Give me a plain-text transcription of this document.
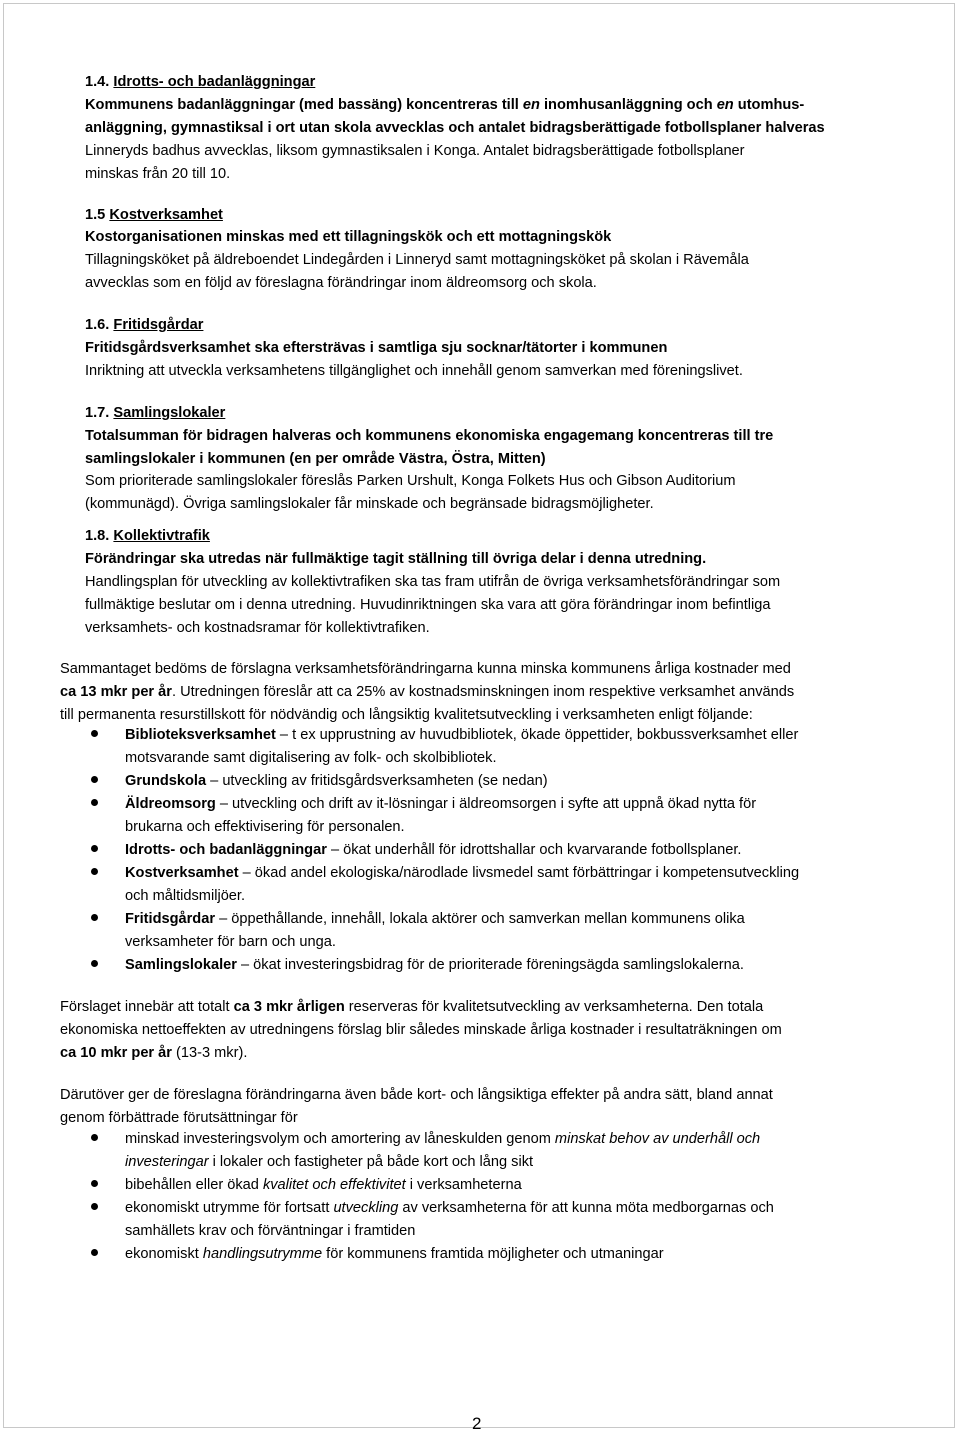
1.4. Idrotts- och badanläggningar
Kommunens badanläggningar (med bassäng) koncentreras till en inomhusanläggning och en utomhus-
anläggning, gymnastiksal i ort utan skola avvecklas och antalet bidragsberättigade fotbollsplaner halveras
Linneryds badhus avvecklas, liksom gymnastiksalen i Konga. Antalet bidragsberättigade fotbollsplaner
minskas från 20 till 10.
1.5 Kostverksamhet
Kostorganisationen minskas med ett tillagningskök och ett mottagningskök
Tillagningsköket på äldreboendet Lindegården i Linneryd samt mottagningsköket på skolan i Rävemåla
avvecklas som en följd av föreslagna förändringar inom äldreomsorg och skola.
1.6. Fritidsgårdar
Fritidsgårdsverksamhet ska eftersträvas i samtliga sju socknar/tätorter i kommunen
Inriktning att utveckla verksamhetens tillgänglighet och innehåll genom samverkan med föreningslivet.
1.7. Samlingslokaler
Totalsumman för bidragen halveras och kommunens ekonomiska engagemang koncentreras till tre
samlingslokaler i kommunen (en per område Västra, Östra, Mitten)
Som prioriterade samlingslokaler föreslås Parken Urshult, Konga Folkets Hus och Gibson Auditorium
(kommunägd). Övriga samlingslokaler får minskade och begränsade bidragsmöjligheter.
1.8. Kollektivtrafik
Förändringar ska utredas när fullmäktige tagit ställning till övriga delar i denna utredning.
Handlingsplan för utveckling av kollektivtrafiken ska tas fram utifrån de övriga verksamhetsförändringar som
fullmäktige beslutar om i denna utredning. Huvudinriktningen ska vara att göra förändringar inom befintliga
verksamhets- och kostnadsramar för kollektivtrafiken.
Sammantaget bedöms de förslagna verksamhetsförändringarna kunna minska kommunens årliga kostnader med
ca 13 mkr per år. Utredningen föreslår att ca 25% av kostnadsminskningen inom respektive verksamhet används
till permanenta resurstillskott för nödvändig och långsiktig kvalitetsutveckling i verksamheten enligt följande:
Biblioteksverksamhet – t ex upprustning av huvudbibliotek, ökade öppettider, bokbussverksamhet eller
motsvarande samt digitalisering av folk- och skolbibliotek.
Grundskola – utveckling av fritidsgårdsverksamheten (se nedan)
Äldreomsorg – utveckling och drift av it-lösningar i äldreomsorgen i syfte att uppnå ökad nytta för
brukarna och effektivisering för personalen.
Idrotts- och badanläggningar – ökat underhåll för idrottshallar och kvarvarande fotbollsplaner.
Kostverksamhet – ökad andel ekologiska/närodlade livsmedel samt förbättringar i kompetensutveckling
och måltidsmiljöer.
Fritidsgårdar – öppethållande, innehåll, lokala aktörer och samverkan mellan kommunens olika
verksamheter för barn och unga.
Samlingslokaler – ökat investeringsbidrag för de prioriterade föreningsägda samlingslokalerna.
Förslaget innebär att totalt ca 3 mkr årligen reserveras för kvalitetsutveckling av verksamheterna. Den totala
ekonomiska nettoeffekten av utredningens förslag blir således minskade årliga kostnader i resultaträkningen om
ca 10 mkr per år (13-3 mkr).
Därutöver ger de föreslagna förändringarna även både kort- och långsiktiga effekter på andra sätt, bland annat
genom förbättrade förutsättningar för
minskad investeringsvolym och amortering av låneskulden genom minskat behov av underhåll och
investeringar i lokaler och fastigheter på både kort och lång sikt
bibehållen eller ökad kvalitet och effektivitet i verksamheterna
ekonomiskt utrymme för fortsatt utveckling av verksamheterna för att kunna möta medborgarnas och
samhällets krav och förväntningar i framtiden
ekonomiskt handlingsutrymme för kommunens framtida möjligheter och utmaningar
2
